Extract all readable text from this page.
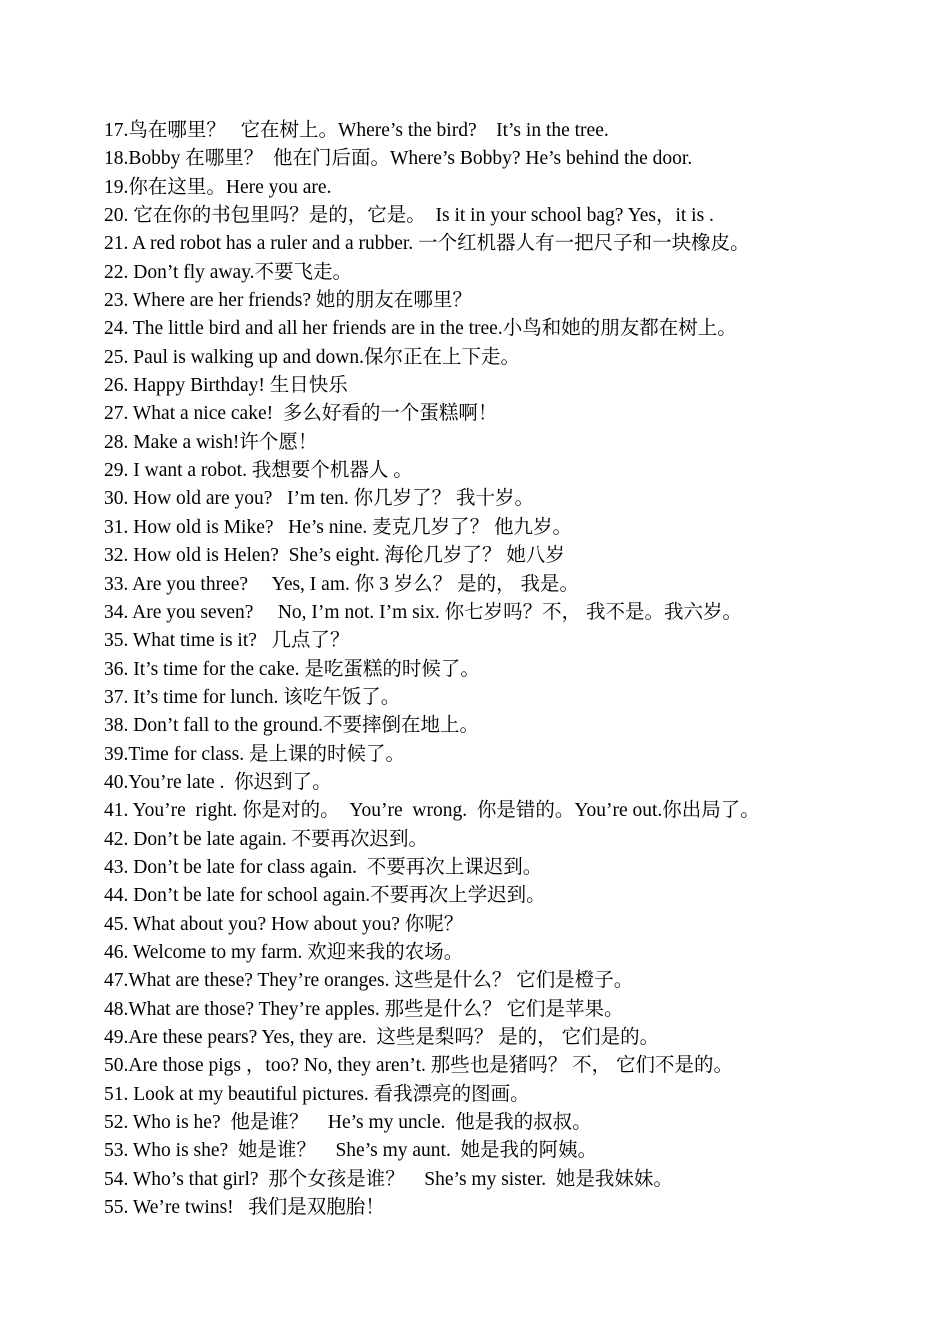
17.鸟在哪里？   它在树上。Where’s the bird?    It’s in the tree.
18.Bobby 在哪里？  他在门后面。Where’s Bobby? He’s behind the door.
19.你在这里。Here you are.
20. 它在你的书包里吗？是的，它是。  Is it in your school bag? Yes，it is .
21. A red robot has a ruler and a rubber. 一个红机器人有一把尺子和一块橡皮。
22. Don’t fly away.不要飞走。
23. Where are her friends? 她的朋友在哪里？
24. The little bird and all her friends are in the tree.小鸟和她的朋友都在树上。
25. Paul is walking up and down.保尔正在上下走。
26. Happy Birthday! 生日快乐
27. What a nice cake!  多么好看的一个蛋糕啊！
28. Make a wish!许个愿！
29. I want a robot. 我想要个机器人 。
30. How old are you?   I’m ten. 你几岁了？ 我十岁。
31. How old is Mike?   He’s nine. 麦克几岁了？ 他九岁。
32. How old is Helen?  She’s eight. 海伦几岁了？ 她八岁
33. Are you three?     Yes, I am. 你 3 岁么？ 是的， 我是。
34. Are you seven?     No, I’m not. I’m six. 你七岁吗？不， 我不是。我六岁。
35. What time is it?   几点了？
36. It’s time for the cake. 是吃蛋糕的时候了。
37. It’s time for lunch. 该吃午饭了。
38. Don’t fall to the ground.不要摔倒在地上。
39.Time for class. 是上课的时候了。
40.You’re late .  你迟到了。
41. You’re  right. 你是对的。  You’re  wrong.  你是错的。You’re out.你出局了。
42. Don’t be late again. 不要再次迟到。
43. Don’t be late for class again.  不要再次上课迟到。
44. Don’t be late for school again.不要再次上学迟到。
45. What about you? How about you? 你呢？
46. Welcome to my farm. 欢迎来我的农场。
47.What are these? They’re oranges. 这些是什么？ 它们是橙子。
48.What are those? They’re apples. 那些是什么？ 它们是苹果。
49.Are these pears? Yes, they are.  这些是梨吗？ 是的， 它们是的。
50.Are those pigs ，too? No, they aren’t. 那些也是猪吗？ 不， 它们不是的。
51. Look at my beautiful pictures. 看我漂亮的图画。
52. Who is he?  他是谁？    He’s my uncle.  他是我的叔叔。
53. Who is she?  她是谁？    She’s my aunt.  她是我的阿姨。
54. Who’s that girl?  那个女孩是谁？    She’s my sister.  她是我妹妹。
55. We’re twins!   我们是双胞胎！
